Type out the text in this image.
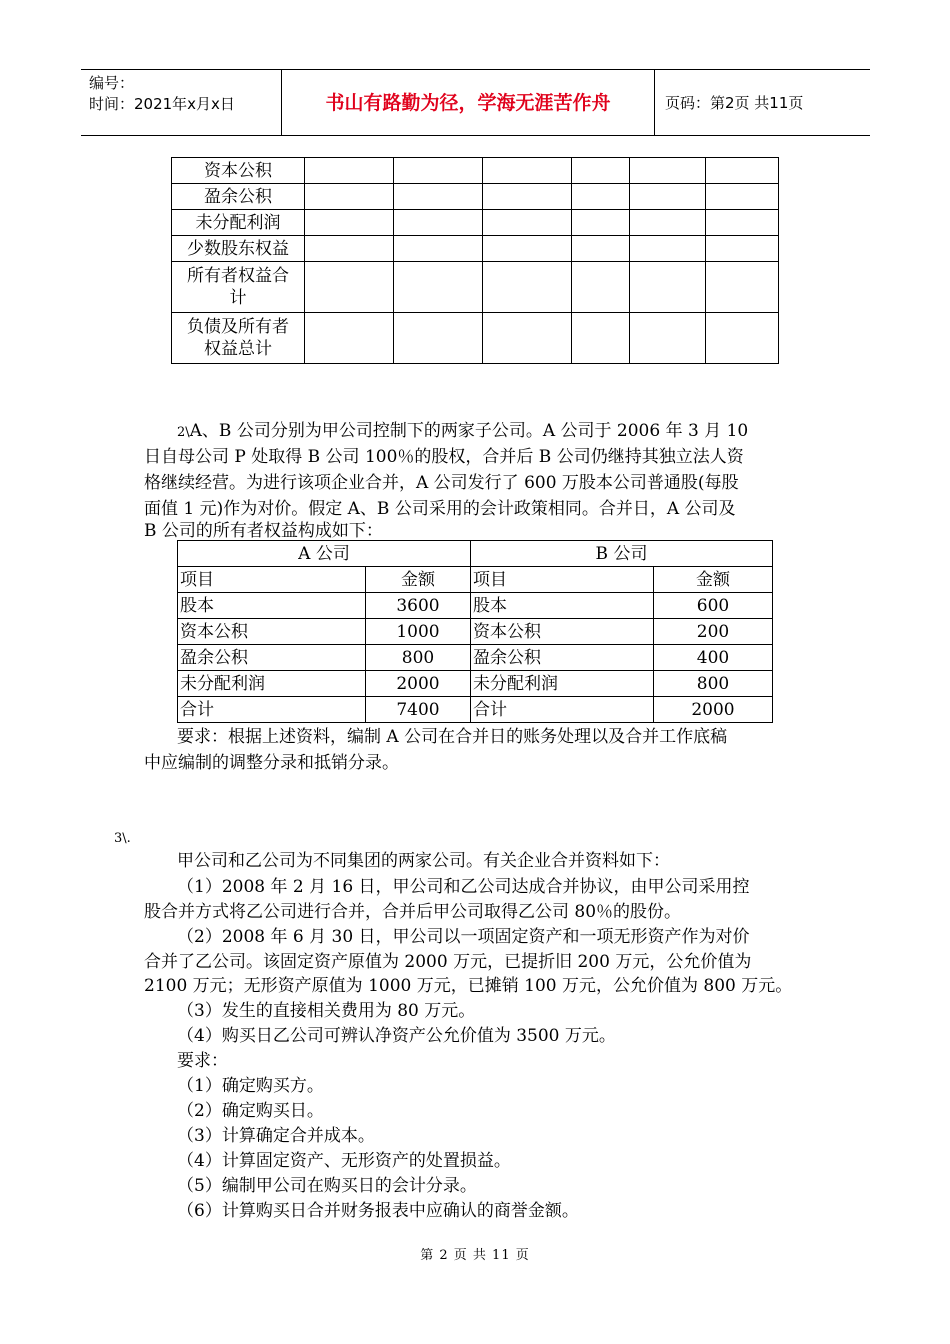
编号：
时间：2021年x月x日	书山有路勤为径，学海无涯苦作舟	页码：第2页 共11页
资本公积						
盈余公积						
未分配利润						
少数股东权益						

所有者权益合
计						

负债及所有者
权益总计						

2\A、B 公司分别为甲公司控制下的两家子公司。A 公司于 2006 年 3 月 10
日自母公司 P 处取得 B 公司 100％的股权，合并后 B 公司仍继持其独立法人资
格继续经营。为进行该项企业合并，A 公司发行了 600 万股本公司普通股(每股
面值 1 元)作为对价。假定 A、B 公司采用的会计政策相同。合并日，A 公司及
B 公司的所有者权益构成如下：
A 公司		B 公司	
项目	金额	项目	金额
股本	3600	股本	600
资本公积	1000	资本公积	200
盈余公积	800	盈余公积	400
未分配利润	2000	未分配利润	800
合计	7400	合计	2000
要求：根据上述资料，编制 A 公司在合并日的账务处理以及合并工作底稿
中应编制的调整分录和抵销分录。
3\.
甲公司和乙公司为不同集团的两家公司。有关企业合并资料如下：
（1）2008 年 2 月 16 日，甲公司和乙公司达成合并协议，由甲公司采用控
股合并方式将乙公司进行合并，合并后甲公司取得乙公司 80％的股份。
（2）2008 年 6 月 30 日，甲公司以一项固定资产和一项无形资产作为对价
合并了乙公司。该固定资产原值为 2000 万元，已提折旧 200 万元，公允价值为
2100 万元；无形资产原值为 1000 万元，已摊销 100 万元，公允价值为 800 万元。
（3）发生的直接相关费用为 80 万元。
（4）购买日乙公司可辨认净资产公允价值为 3500 万元。
要求：
（1）确定购买方。
（2）确定购买日。
（3）计算确定合并成本。
（4）计算固定资产、无形资产的处置损益。
（5）编制甲公司在购买日的会计分录。
（6）计算购买日合并财务报表中应确认的商誉金额。
第 2 页 共 11 页
